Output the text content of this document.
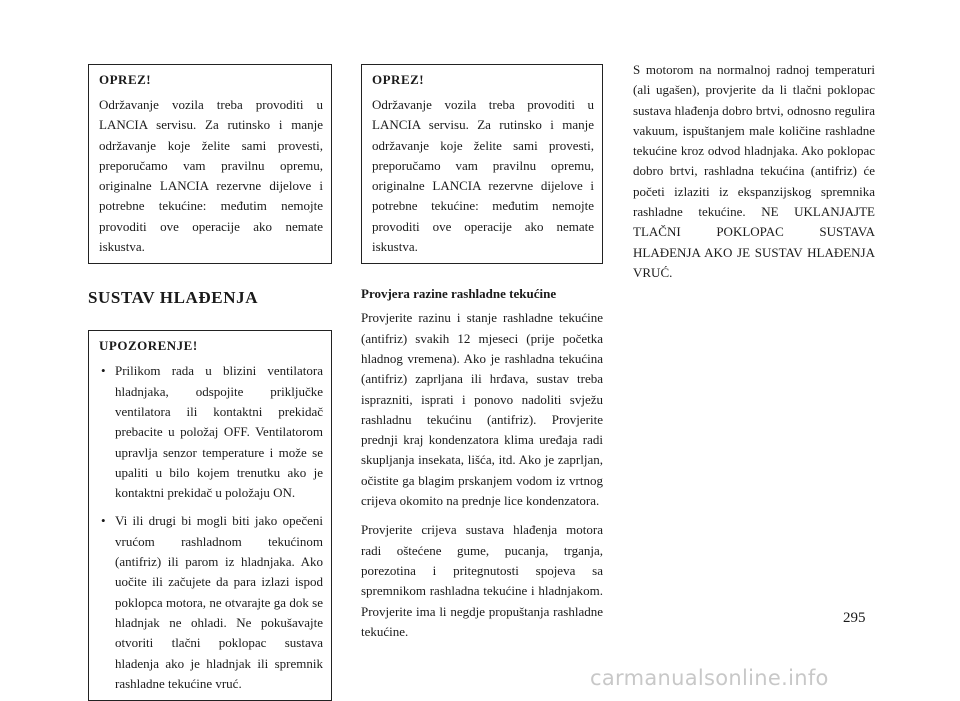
OPREZ!

Održavanje vozila treba provoditi u LANCIA servisu. Za rutinsko i manje održavanje koje želite sami provesti, preporučamo vam pravilnu opremu, originalne LANCIA rezervne dijelove i potrebne tekućine: međutim nemojte provoditi ove operacije ako nemate iskustva.

SUSTAV HLAĐENJA
UPOZORENJE!
• Prilikom rada u blizini ventilatora hladnjaka, odspojite priključke ventilatora ili kontaktni prekidač prebacite u položaj OFF. Ventilatorom upravlja senzor temperature i može se upaliti u bilo kojem trenutku ako je kontaktni prekidač u položaju ON.
• Vi ili drugi bi mogli biti jako opečeni vrućom rashladnom tekućinom (antifriz) ili parom iz hladnjaka. Ako uočite ili začujete da para izlazi ispod poklopca motora, ne otvarajte ga dok se hladnjak ne ohladi. Ne pokušavajte otvoriti tlačni poklopac sustava hladenja ako je hladnjak ili spremnik rashladne tekućine vruć.
OPREZ!

Održavanje vozila treba provoditi u LANCIA servisu. Za rutinsko i manje održavanje koje želite sami provesti, preporučamo vam pravilnu opremu, originalne LANCIA rezervne dijelove i potrebne tekućine: međutim nemojte provoditi ove operacije ako nemate iskustva.

Provjera razine rashladne tekućine

Provjerite razinu i stanje rashladne tekućine (antifriz) svakih 12 mjeseci (prije početka hladnog vremena). Ako je rashladna tekućina (antifriz) zaprljana ili hrđava, sustav treba isprazniti, isprati i ponovo nadoliti svježu rashladnu tekućinu (antifriz). Provjerite prednji kraj kondenzatora klima uređaja radi skupljanja insekata, lišća, itd. Ako je zaprljan, očistite ga blagim prskanjem vodom iz vrtnog crijeva okomito na prednje lice kondenzatora.

Provjerite crijeva sustava hlađenja motora radi oštećene gume, pucanja, trganja, porezotina i pritegnutosti spojeva sa spremnikom rashladna tekućine i hladnjakom. Provjerite ima li negdje propuštanja rashladne tekućine.

S motorom na normalnoj radnoj temperaturi (ali ugašen), provjerite da li tlačni poklopac sustava hlađenja dobro brtvi, odnosno regulira vakuum, ispuštanjem male količine rashladne tekućine kroz odvod hladnjaka. Ako poklopac dobro brtvi, rashladna tekućina (antifriz) će početi izlaziti iz ekspanzijskog spremnika rashladne tekućine. NE UKLANJAJTE TLAČNI POKLOPAC SUSTAVA HLAĐENJA AKO JE SUSTAV HLAĐENJA VRUĆ.

295
carmanualsonline.info
